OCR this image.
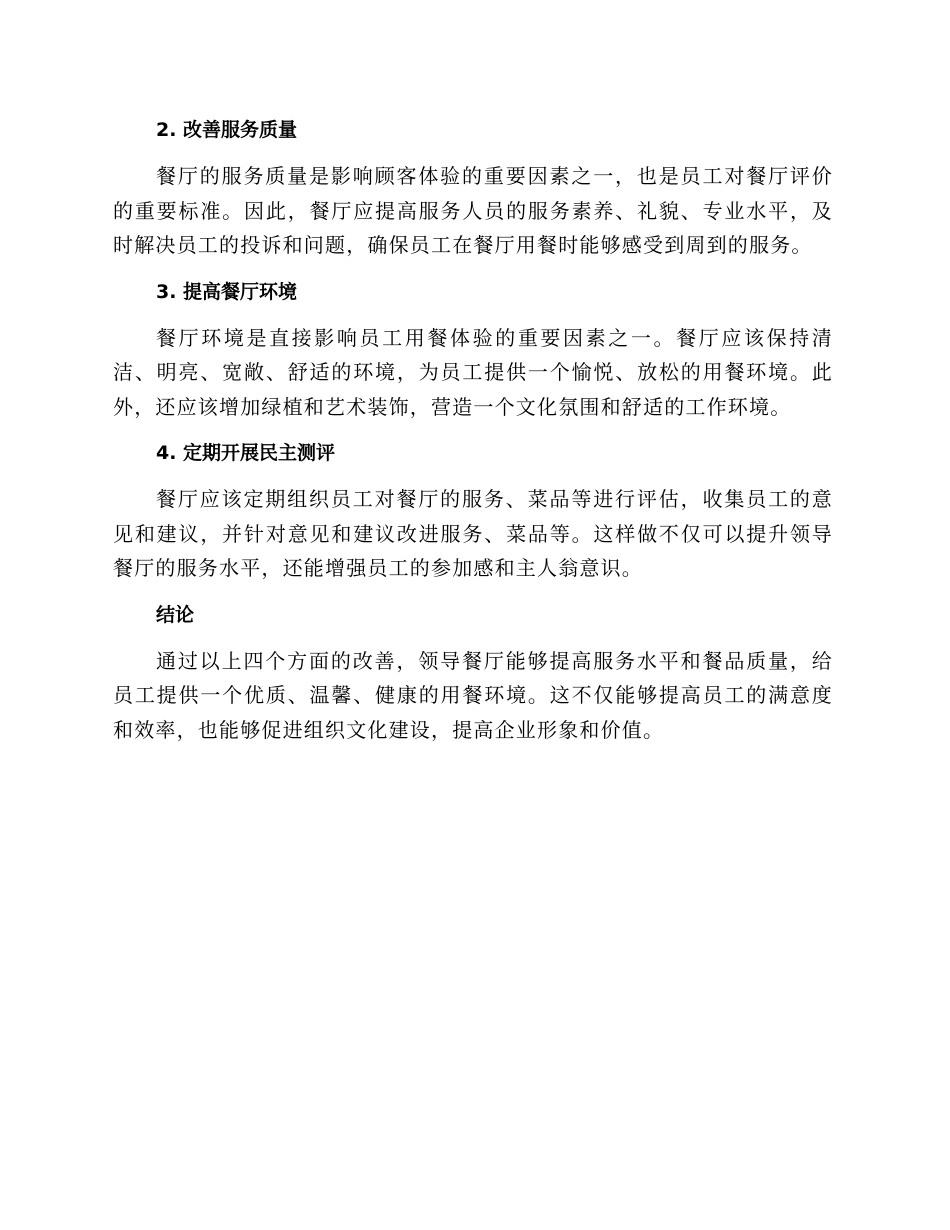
2. 改善服务质量

餐厅的服务质量是影响顾客体验的重要因素之一，也是员工对餐厅评价的重要标准。因此，餐厅应提高服务人员的服务素养、礼貌、专业水平，及时解决员工的投诉和问题，确保员工在餐厅用餐时能够感受到周到的服务。

3. 提高餐厅环境

餐厅环境是直接影响员工用餐体验的重要因素之一。餐厅应该保持清洁、明亮、宽敞、舒适的环境，为员工提供一个愉悦、放松的用餐环境。此外，还应该增加绿植和艺术装饰，营造一个文化氛围和舒适的工作环境。

4. 定期开展民主测评

餐厅应该定期组织员工对餐厅的服务、菜品等进行评估，收集员工的意见和建议，并针对意见和建议改进服务、菜品等。这样做不仅可以提升领导餐厅的服务水平，还能增强员工的参加感和主人翁意识。

结论

通过以上四个方面的改善，领导餐厅能够提高服务水平和餐品质量，给员工提供一个优质、温馨、健康的用餐环境。这不仅能够提高员工的满意度和效率，也能够促进组织文化建设，提高企业形象和价值。
